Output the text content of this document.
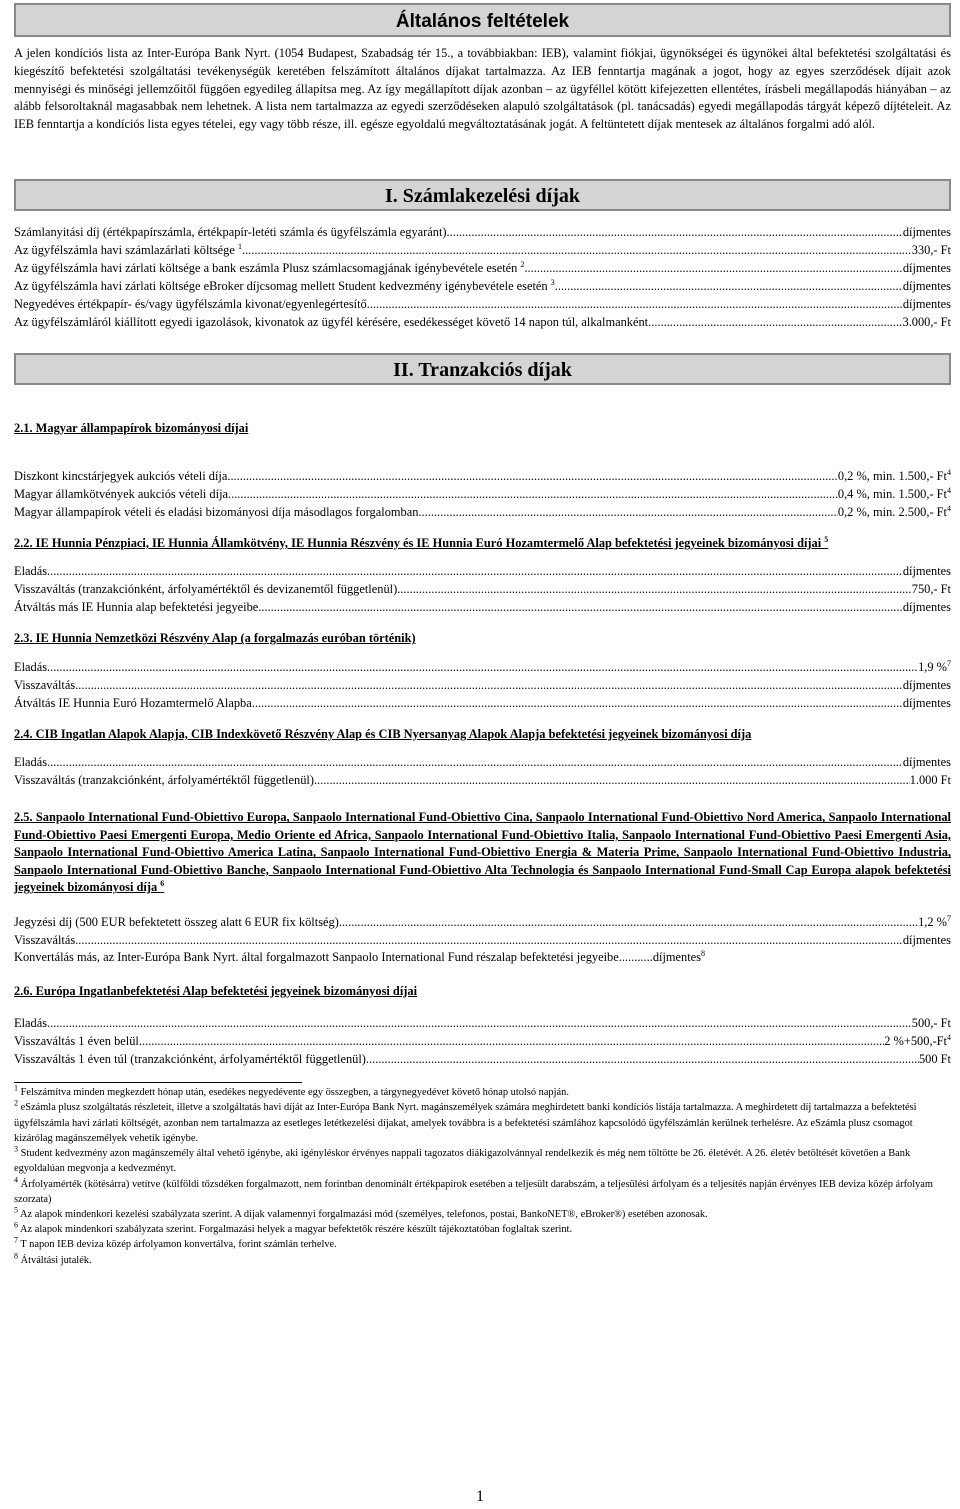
Általános feltételek
A jelen kondíciós lista az Inter-Európa Bank Nyrt. (1054 Budapest, Szabadság tér 15., a továbbiakban: IEB), valamint fiókjai, ügynökségei és ügynökei által befektetési szolgáltatási és kiegészítő befektetési szolgáltatási tevékenységük keretében felszámított általános díjakat tartalmazza. Az IEB fenntartja magának a jogot, hogy az egyes szerződések díjait azok mennyiségi és minőségi jellemzőitől függően egyedileg állapítsa meg. Az így megállapított díjak azonban – az ügyféllel kötött kifejezetten ellentétes, írásbeli megállapodás hiányában – az alább felsoroltaknál magasabbak nem lehetnek. A lista nem tartalmazza az egyedi szerződéseken alapuló szolgáltatások (pl. tanácsadás) egyedi megállapodás tárgyát képező díjtételeit. Az IEB fenntartja a kondíciós lista egyes tételei, egy vagy több része, ill. egésze egyoldalú megváltoztatásának jogát. A feltüntetett díjak mentesek az általános forgalmi adó alól.
I. Számlakezelési díjak
Számlanyitási díj (értékpapírszámla, értékpapír-letéti számla és ügyfélszámla egyaránt) .....	díjmentes
Az ügyfélszámla havi számlazárlati költsége $^1$ .....	330,- Ft
Az ügyfélszámla havi zárlati költsége a bank eszámla Plusz számlacsomagjának igénybevétele esetén $^2$ .....	díjmentes
Az ügyfélszámla havi zárlati költsége eBroker díjcsomag mellett Student kedvezmény igénybevétele esetén $^3$ .....	díjmentes
Negyedéves értékpapír- és/vagy ügyfélszámla kivonat/egyenlegértesítő .....	díjmentes
Az ügyfélszámláról kiállított egyedi igazolások, kivonatok az ügyfél kérésére, esedékességet követő 14 napon túl, alkalmanként .....	3.000,- Ft
II. Tranzakciós díjak
2.1. Magyar állampapírok bizományosi díjai
Diszkont kincstárjegyek aukciós vételi díja .....	0,2 %, min. 1.500,- Ft$^4$
Magyar államkötvények aukciós vételi díja .....	0,4 %, min. 1.500,- Ft$^4$
Magyar állampapírok vételi és eladási bizományosi díja másodlagos forgalomban .....	0,2 %, min. 2.500,- Ft$^4$
2.2. IE Hunnia Pénzpiaci, IE Hunnia Államkötvény, IE Hunnia Részvény és IE Hunnia Euró Hozamtermelő Alap befektetési jegyeinek bizományosi díjai $^5$
Eladás .....	díjmentes
Visszaváltás (tranzakciónként, árfolyamértéktől és devizanemtől függetlenül) .....	750,- Ft
Átváltás más IE Hunnia alap befektetési jegyeibe .....	díjmentes
2.3. IE Hunnia Nemzetközi Részvény Alap (a forgalmazás euróban történik)
Eladás .....	1,9 %$^7$
Visszaváltás .....	díjmentes
Átváltás IE Hunnia Euró Hozamtermelő Alapba .....	díjmentes
2.4. CIB Ingatlan Alapok Alapja, CIB Indexkövető Részvény Alap és CIB Nyersanyag Alapok Alapja befektetési jegyeinek bizományosi díja
Eladás .....	díjmentes
Visszaváltás (tranzakciónként, árfolyamértéktől függetlenül) .....	1.000 Ft
2.5. Sanpaolo International Fund-Obiettivo Europa, Sanpaolo International Fund-Obiettivo Cina, Sanpaolo International Fund-Obiettivo Nord America, Sanpaolo International Fund-Obiettivo Paesi Emergenti Europa, Medio Oriente ed Africa, Sanpaolo International Fund-Obiettivo Italia, Sanpaolo International Fund-Obiettivo Paesi Emergenti Asia, Sanpaolo International Fund-Obiettivo America Latina, Sanpaolo International Fund-Obiettivo Energia & Materia Prime, Sanpaolo International Fund-Obiettivo Industria, Sanpaolo International Fund-Obiettivo Banche, Sanpaolo International Fund-Obiettivo Alta Technologia és Sanpaolo International Fund-Small Cap Europa alapok befektetési jegyeinek bizományosi díja $^6$
Jegyzési díj (500 EUR befektetett összeg alatt 6 EUR fix költség) .....	1,2 %$^7$
Visszaváltás .....	díjmentes
Konvertálás más, az Inter-Európa Bank Nyrt. által forgalmazott Sanpaolo International Fund részalap befektetési jegyeibe...........díjmentes$^8$
2.6. Európa Ingatlanbefektetési Alap befektetési jegyeinek bizományosi díjai
Eladás .....	500,- Ft
Visszaváltás 1 éven belül .....	2 $\%+500,-Ft^4$
Visszaváltás 1 éven túl (tranzakciónként, árfolyamértéktől függetlenül) .....	500 Ft
$^1$ Felszámítva minden megkezdett hónap után, esedékes negyedévente egy összegben, a tárgynegyedévet követő hónap utolsó napján.
$^2$ eSzámla plusz szolgáltatás részleteit, illetve a szolgáltatás havi díját az Inter-Európa Bank Nyrt. magánszemélyek számára meghirdetett banki kondíciós listája tartalmazza. A meghirdetett díj tartalmazza a befektetési ügyfélszámla havi zárlati költségét, azonban nem tartalmazza az esetleges letétkezelési díjakat, amelyek továbbra is a befektetési számlához kapcsolódó ügyfélszámlán kerülnek terhelésre. Az eSzámla plusz csomagot kizárólag magánszemélyek vehetik igénybe.
$^3$ Student kedvezmény azon magánszemély által vehető igénybe, aki igényléskor érvényes nappali tagozatos diákigazolvánnyal rendelkezik és még nem töltötte be 26. életévét. A 26. életév betöltését követően a Bank egyoldalúan megvonja a kedvezményt.
$^4$ Árfolyamérték (kötésárra) vetítve (külföldi tőzsdéken forgalmazott, nem forintban denominált értékpapírok esetében a teljesült darabszám, a teljesülési árfolyam és a teljesítés napján érvényes IEB deviza közép árfolyam szorzata)
$^5$ Az alapok mindenkori kezelési szabályzata szerint. A díjak valamennyi forgalmazási mód (személyes, telefonos, postai, BankoNET®, eBroker®) esetében azonosak.
$^6$ Az alapok mindenkori szabályzata szerint. Forgalmazási helyek a magyar befektetők részére készült tájékoztatóban foglaltak szerint.
$^7$ T napon IEB deviza közép árfolyamon konvertálva, forint számlán terhelve.
$^8$ Átváltási jutalék.
1
